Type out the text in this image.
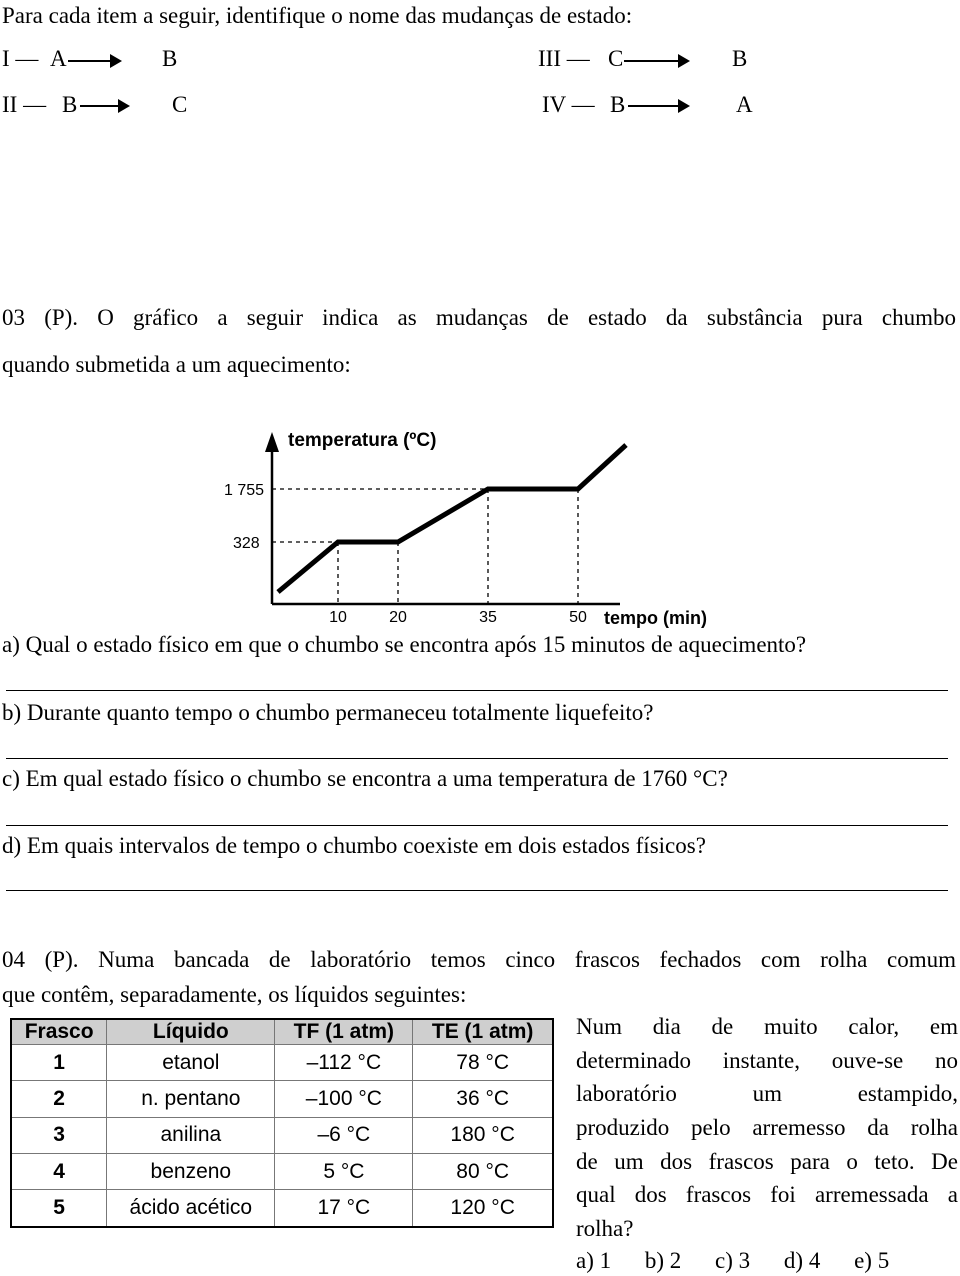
Para cada item a seguir, identifique o nome das mudanças de estado:
I — A	B
II — B	C
III — C	B
IV — B	A
03 (P). O gráfico a seguir indica as mudanças de estado da substância pura chumbo
quando submetida a um aquecimento:
temperatura (ºC)
1 755
328
10	20	35	50 tempo (min)
a) Qual o estado físico em que o chumbo se encontra após 15 minutos de aquecimento?
b) Durante quanto tempo o chumbo permaneceu totalmente liquefeito?
c) Em qual estado físico o chumbo se encontra a uma temperatura de 1760 °C?
d) Em quais intervalos de tempo o chumbo coexiste em dois estados físicos?
04 (P). Numa bancada de laboratório temos cinco frascos fechados com rolha comum
que contêm, separadamente, os líquidos seguintes:
Frasco	Líquido	TF (1 atm)	TE (1 atm)
1	etanol	–112 °C	78 °C
2	n. pentano	–100 °C	36 °C
3	anilina	–6 °C	180 °C
4	benzeno	5 °C	80 °C
5	ácido acético	17 °C	120 °C
Num dia de muito calor, em
determinado instante, ouve-se no
laboratório um estampido,
produzido pelo arremesso da rolha
de um dos frascos para o teto. De
qual dos frascos foi arremessada a
rolha?
a) 1 b) 2 c) 3 d) 4 e) 5
